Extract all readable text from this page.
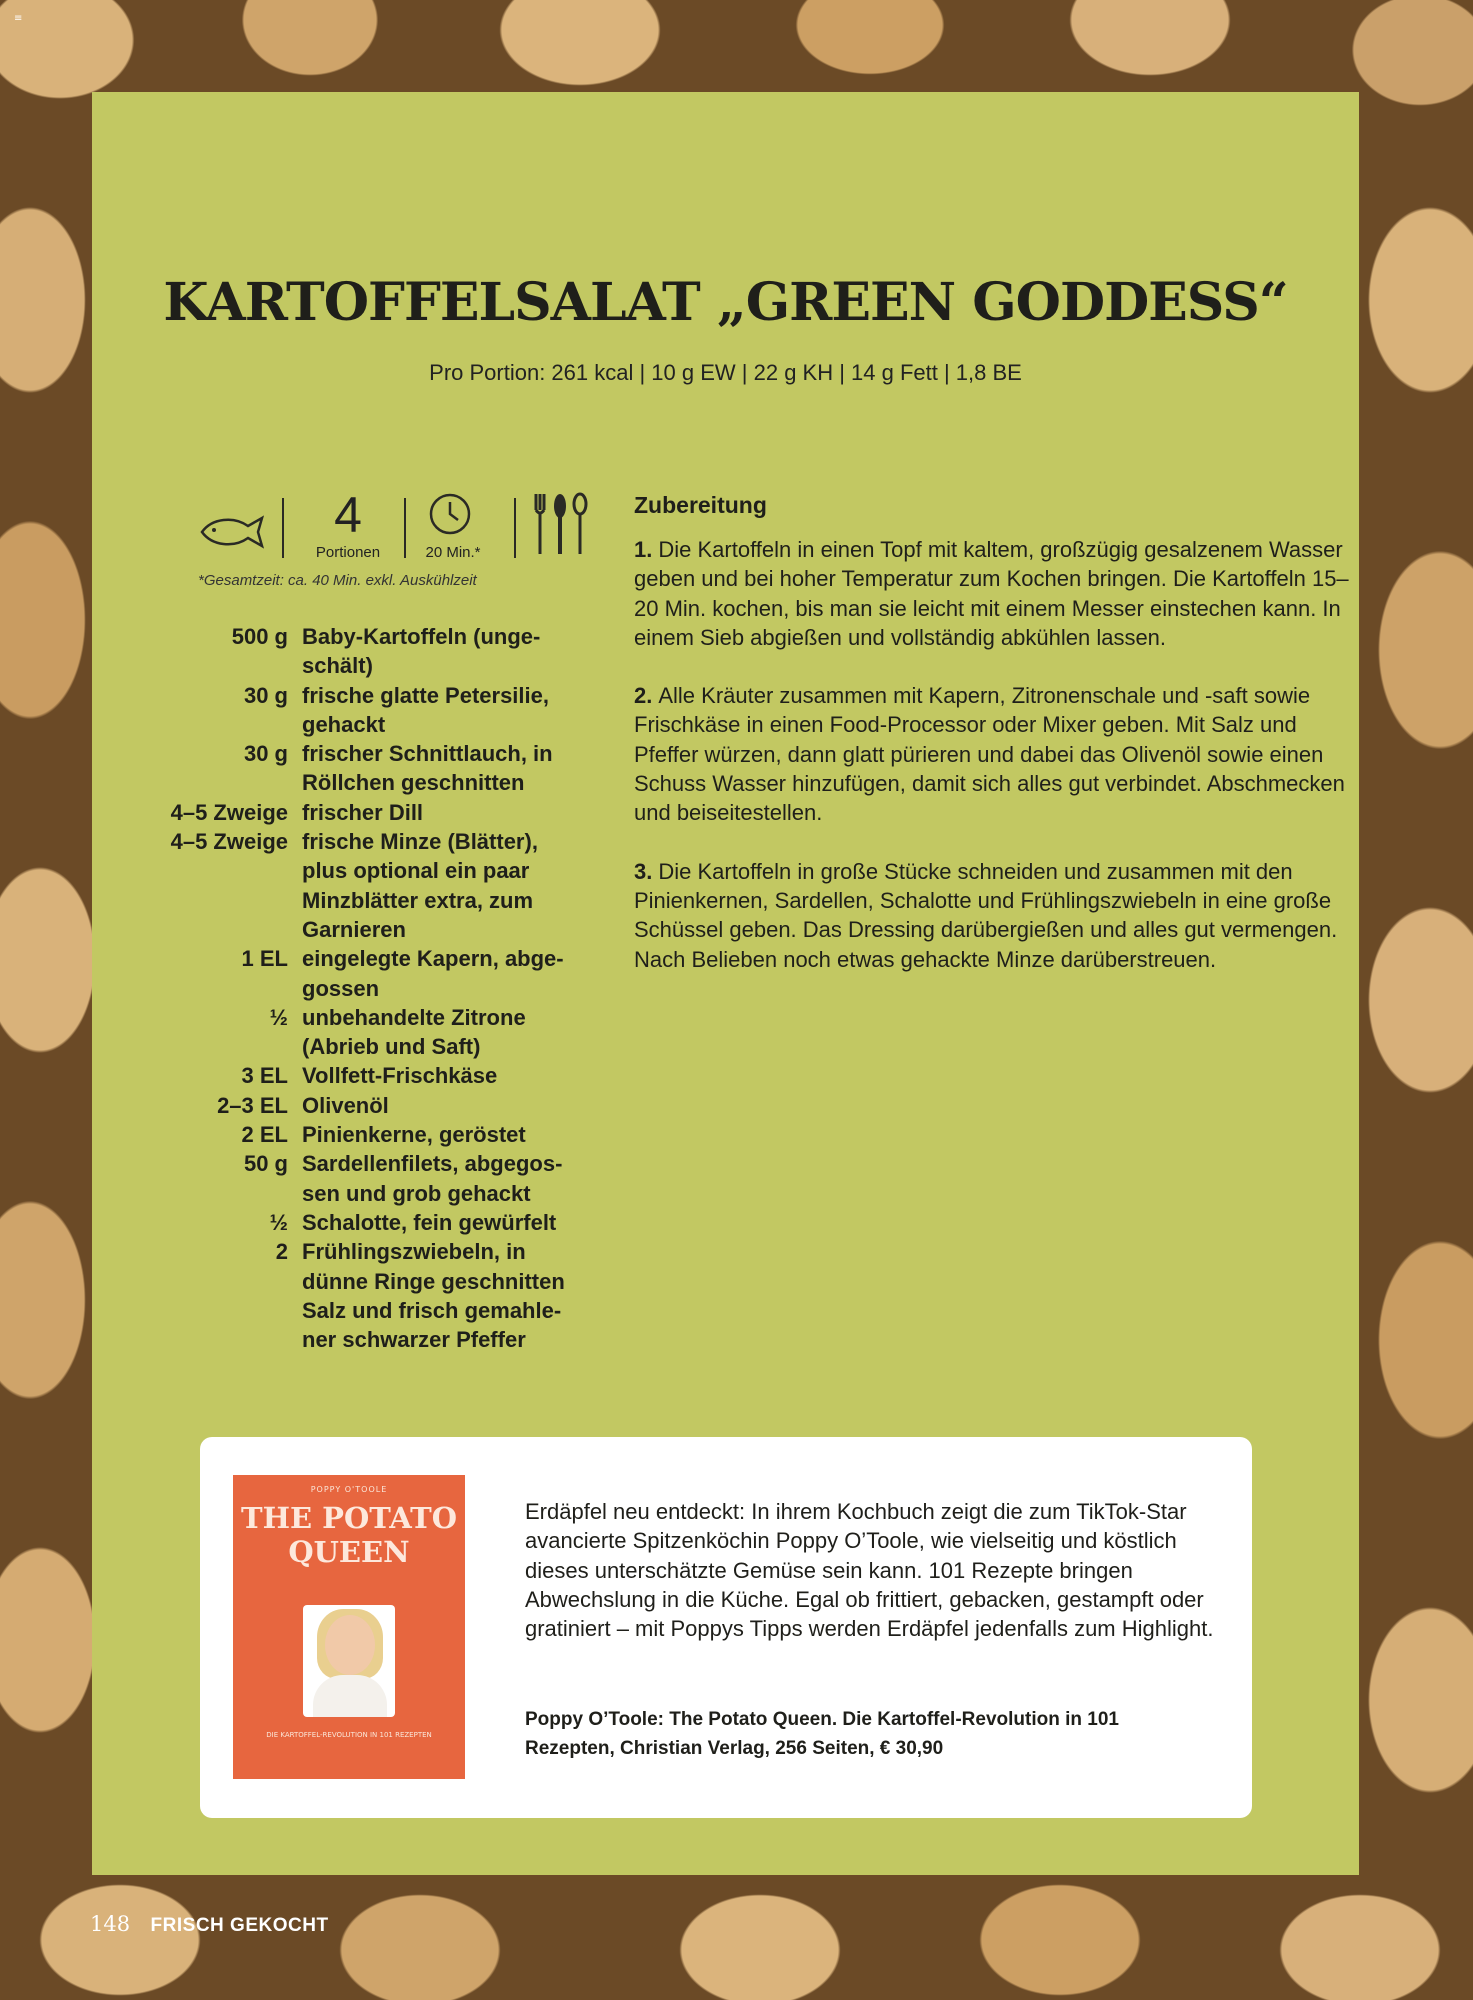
≡
KARTOFFELSALAT „GREEN GODDESS“
Pro Portion: 261 kcal | 10 g EW | 22 g KH | 14 g Fett | 1,8 BE
4
Portionen	20 Min.*
*Gesamtzeit: ca. 40 Min. exkl. Auskühlzeit
500 g Baby-Kartoffeln (unge-
schält)
30 g frische glatte Petersilie,
gehackt
30 g frischer Schnittlauch, in
Röllchen geschnitten
4–5 Zweige frischer Dill
4–5 Zweige frische Minze (Blätter),
plus optional ein paar
Minzblätter extra, zum
Garnieren
1 EL eingelegte Kapern, abge-
gossen
½ unbehandelte Zitrone
(Abrieb und Saft)
3 EL Vollfett-Frischkäse
2–3 EL Olivenöl
2 EL Pinienkerne, geröstet
50 g Sardellenfilets, abgegos-
sen und grob gehackt
½ Schalotte, fein gewürfelt
2 Frühlingszwiebeln, in
dünne Ringe geschnitten
Salz und frisch gemahle-
ner schwarzer Pfeffer
Zubereitung

1. Die Kartoffeln in einen Topf mit kaltem, großzügig gesalzenem Wasser geben und bei hoher Temperatur zum Kochen bringen. Die Kartoffeln 15–20 Min. kochen, bis man sie leicht mit einem Messer einstechen kann. In einem Sieb abgießen und vollständig abkühlen lassen.

2. Alle Kräuter zusammen mit Kapern, Zitronenschale und -saft sowie Frischkäse in einen Food-Processor oder Mixer geben. Mit Salz und Pfeffer würzen, dann glatt pürieren und dabei das Olivenöl sowie einen Schuss Wasser hinzufügen, damit sich alles gut verbindet. Abschmecken und beiseitestellen.

3. Die Kartoffeln in große Stücke schneiden und zusammen mit den Pinienkernen, Sardellen, Schalotte und Frühlingszwiebeln in eine große Schüssel geben. Das Dressing darübergießen und alles gut vermengen. Nach Belieben noch etwas gehackte Minze darüberstreuen.

POPPY O'TOOLE
THE POTATO QUEEN
DIE KARTOFFEL-REVOLUTION IN 101 REZEPTEN

Erdäpfel neu entdeckt: In ihrem Kochbuch zeigt die zum TikTok-Star avancierte Spitzenköchin Poppy O’Toole, wie vielseitig und köstlich dieses unterschätzte Gemüse sein kann. 101 Rezepte bringen Abwechslung in die Küche. Egal ob frittiert, gebacken, gestampft oder gratiniert – mit Poppys Tipps werden Erdäpfel jedenfalls zum Highlight.

Poppy O’Toole: The Potato Queen. Die Kartoffel-Revolution in 101 Rezepten, Christian Verlag, 256 Seiten, € 30,90

148 FRISCH GEKOCHT
